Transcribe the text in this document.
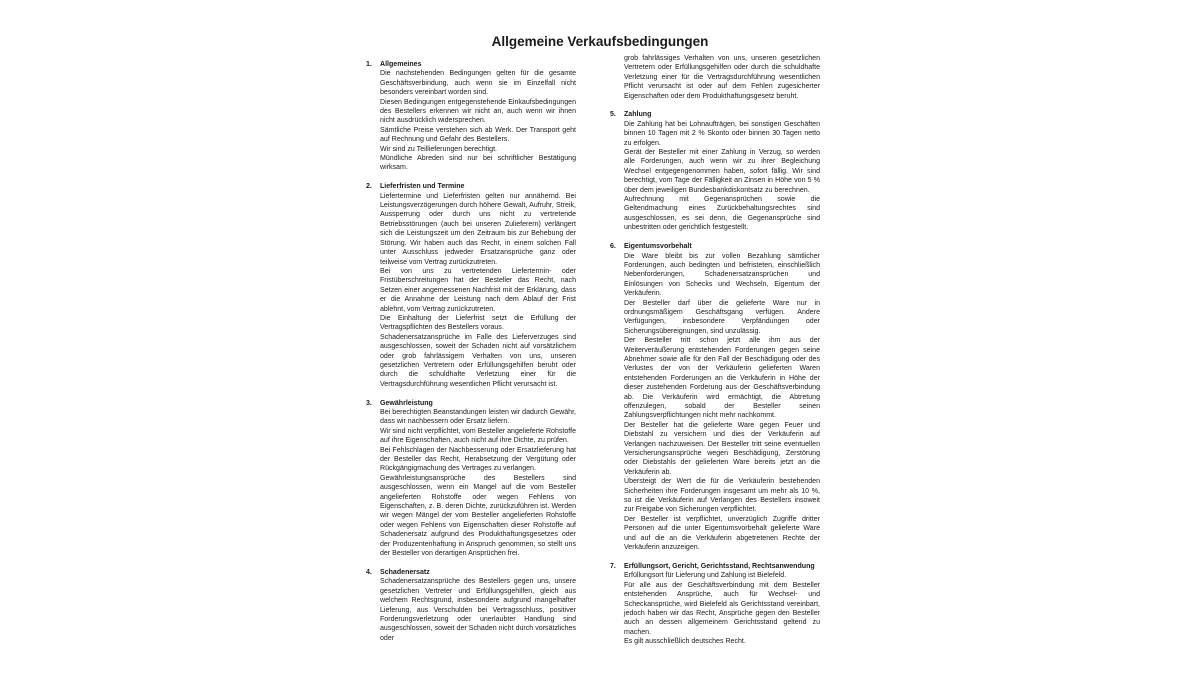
Allgemeine Verkaufsbedingungen
1. Allgemeines
Die nachstehenden Bedingungen gelten für die gesamte Geschäftsverbindung, auch wenn sie im Einzelfall nicht besonders vereinbart worden sind.
Diesen Bedingungen entgegenstehende Einkaufsbedingungen des Bestellers erkennen wir nicht an, auch wenn wir ihnen nicht ausdrücklich widersprechen.
Sämtliche Preise verstehen sich ab Werk. Der Transport geht auf Rechnung und Gefahr des Bestellers.
Wir sind zu Teillieferungen berechtigt.
Mündliche Abreden sind nur bei schriftlicher Bestätigung wirksam.
2. Lieferfristen und Termine
Liefertermine und Lieferfristen gelten nur annähernd. Bei Leistungsverzögerungen durch höhere Gewalt, Aufruhr, Streik, Aussperrung oder durch uns nicht zu vertretende Betriebsstörungen (auch bei unseren Zulieferern) verlängert sich die Leistungszeit um den Zeitraum bis zur Behebung der Störung. Wir haben auch das Recht, in einem solchen Fall unter Ausschluss jedweder Ersatzansprüche ganz oder teilweise vom Vertrag zurückzutreten.
Bei von uns zu vertretenden Liefertermin- oder Fristüberschreitungen hat der Besteller das Recht, nach Setzen einer angemessenen Nachfrist mit der Erklärung, dass er die Annahme der Leistung nach dem Ablauf der Frist ablehnt, vom Vertrag zurückzutreten.
Die Einhaltung der Lieferfrist setzt die Erfüllung der Vertragspflichten des Bestellers voraus.
Schadenersatzansprüche im Falle des Lieferverzuges sind ausgeschlossen, soweit der Schaden nicht auf vorsätzlichem oder grob fahrlässigem Verhalten von uns, unseren gesetzlichen Vertretern oder Erfüllungsgehilfen beruht oder durch die schuldhafte Verletzung einer für die Vertragsdurchführung wesentlichen Pflicht verursacht ist.
3. Gewährleistung
Bei berechtigten Beanstandungen leisten wir dadurch Gewähr, dass wir nachbessern oder Ersatz liefern.
Wir sind nicht verpflichtet, vom Besteller angelieferte Rohstoffe auf ihre Eigenschaften, auch nicht auf ihre Dichte, zu prüfen.
Bei Fehlschlagen der Nachbesserung oder Ersatzlieferung hat der Besteller das Recht, Herabsetzung der Vergütung oder Rückgängigmachung des Vertrages zu verlangen.
Gewährleistungsansprüche des Bestellers sind ausgeschlossen, wenn ein Mangel auf die vom Besteller angelieferten Rohstoffe oder wegen Fehlens von Eigenschaften, z. B. deren Dichte, zurückzuführen ist. Werden wir wegen Mängel der vom Besteller angelieferten Rohstoffe oder wegen Fehlens von Eigenschaften dieser Rohstoffe auf Schadenersatz aufgrund des Produkthaftungsgesetzes oder der Produzentenhaftung in Anspruch genommen, so stellt uns der Besteller von derartigen Ansprüchen frei.
4. Schadenersatz
Schadenersatzansprüche des Bestellers gegen uns, unsere gesetzlichen Vertreter und Erfüllungsgehilfen, gleich aus welchem Rechtsgrund, insbesondere aufgrund mangelhafter Lieferung, aus Verschulden bei Vertragsschluss, positiver Forderungsverletzung oder unerlaubter Handlung sind ausgeschlossen, soweit der Schaden nicht durch vorsätzliches oder
grob fahrlässiges Verhalten von uns, unseren gesetzlichen Vertretern oder Erfüllungsgehilfen oder durch die schuldhafte Verletzung einer für die Vertragsdurchführung wesentlichen Pflicht verursacht ist oder auf dem Fehlen zugesicherter Eigenschaften oder dem Produkthaftungsgesetz beruht.
5. Zahlung
Die Zahlung hat bei Lohnaufträgen, bei sonstigen Geschäften binnen 10 Tagen mit 2 % Skonto oder binnen 30 Tagen netto zu erfolgen.
Gerät der Besteller mit einer Zahlung in Verzug, so werden alle Forderungen, auch wenn wir zu ihrer Begleichung Wechsel entgegengenommen haben, sofort fällig. Wir sind berechtigt, vom Tage der Fälligkeit an Zinsen in Höhe von 5 % über dem jeweiligen Bundesbankdiskontsatz zu berechnen.
Aufrechnung mit Gegenansprüchen sowie die Geltendmachung eines Zurückbehaltungsrechtes sind ausgeschlossen, es sei denn, die Gegenansprüche sind unbestritten oder gerichtlich festgestellt.
6. Eigentumsvorbehalt
Die Ware bleibt bis zur vollen Bezahlung sämtlicher Forderungen, auch bedingten und befristeten, einschließlich Nebenforderungen, Schadenersatzansprüchen und Einlösungen von Schecks und Wechseln, Eigentum der Verkäuferin.
Der Besteller darf über die gelieferte Ware nur in ordnungsmäßigem Geschäftsgang verfügen. Andere Verfügungen, insbesondere Verpfändungen oder Sicherungsübereignungen, sind unzulässig.
Der Besteller tritt schon jetzt alle ihm aus der Weiterveräußerung entstehenden Forderungen gegen seine Abnehmer sowie alle für den Fall der Beschädigung oder des Verlustes der von der Verkäuferin gelieferten Waren entstehenden Forderungen an die Verkäuferin in Höhe der dieser zustehenden Forderung aus der Geschäftsverbindung ab. Die Verkäuferin wird ermächtigt, die Abtretung offenzulegen, sobald der Besteller seinen Zahlungsverpflichtungen nicht mehr nachkommt.
Der Besteller hat die gelieferte Ware gegen Feuer und Diebstahl zu versichern und dies der Verkäuferin auf Verlangen nachzuweisen. Der Besteller tritt seine eventuellen Versicherungsansprüche wegen Beschädigung, Zerstörung oder Diebstahls der gelieferten Ware bereits jetzt an die Verkäuferin ab.
Übersteigt der Wert die für die Verkäuferin bestehenden Sicherheiten ihre Forderungen insgesamt um mehr als 10 %, so ist die Verkäuferin auf Verlangen des Bestellers insoweit zur Freigabe von Sicherungen verpflichtet.
Der Besteller ist verpflichtet, unverzüglich Zugriffe dritter Personen auf die unter Eigentumsvorbehalt gelieferte Ware und auf die an die Verkäuferin abgetretenen Rechte der Verkäuferin anzuzeigen.
7. Erfüllungsort, Gericht, Gerichtsstand, Rechtsanwendung
Erfüllungsort für Lieferung und Zahlung ist Bielefeld.
Für alle aus der Geschäftsverbindung mit dem Besteller entstehenden Ansprüche, auch für Wechsel- und Scheckansprüche, wird Bielefeld als Gerichtsstand vereinbart, jedoch haben wir das Recht, Ansprüche gegen den Besteller auch an dessen allgemeinem Gerichtsstand geltend zu machen.
Es gilt ausschließlich deutsches Recht.
